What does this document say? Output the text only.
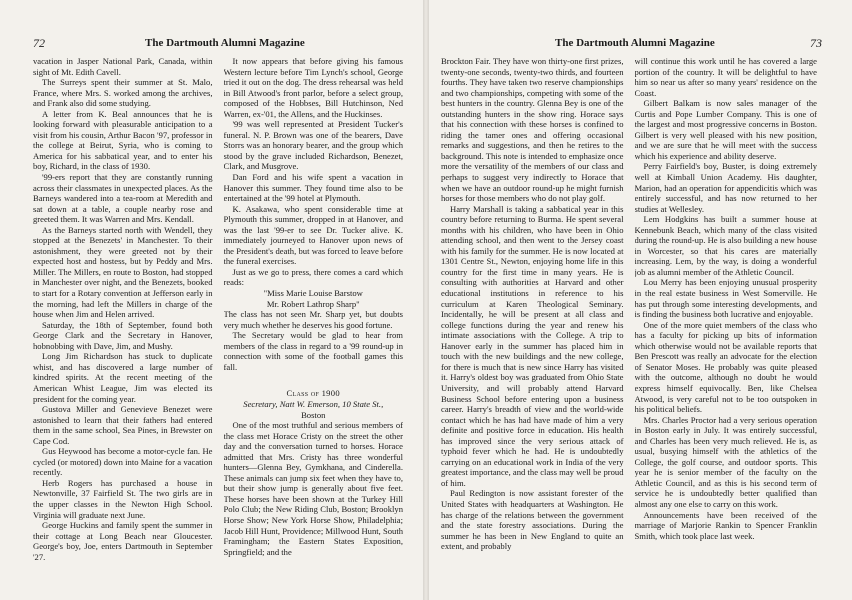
72	The Dartmouth Alumni Magazine

vacation in Jasper National Park, Canada, within sight of Mt. Edith Cavell.

The Surreys spent their summer at St. Malo, France, where Mrs. S. worked among the archives, and Frank also did some studying.

A letter from K. Beal announces that he is looking forward with pleasurable anticipation to a visit from his cousin, Arthur Bacon '97, professor in the college at Beirut, Syria, who is coming to America for his sabbatical year, and to enter his boy, Richard, in the class of 1930.

'99-ers report that they are constantly running across their classmates in unexpected places. As the Barneys wandered into a tea-room at Meredith and sat down at a table, a couple nearby rose and greeted them. It was Warren and Mrs. Kendall.

As the Barneys started north with Wendell, they stopped at the Benezets' in Manchester. To their astonishment, they were greeted not by their expected host and hostess, but by Peddy and Mrs. Miller. The Millers, en route to Boston, had stopped in Manchester over night, and the Benezets, booked to start for a Rotary convention at Jefferson early in the morning, had left the Millers in charge of the house when Jim and Helen arrived.

Saturday, the 18th of September, found both George Clark and the Secretary in Hanover, hobnobbing with Dave, Jim, and Mushy.

Long Jim Richardson has stuck to duplicate whist, and has discovered a large number of kindred spirits. At the recent meeting of the American Whist League, Jim was elected its president for the coming year.

Gustova Miller and Genevieve Benezet were astonished to learn that their fathers had entered them in the same school, Sea Pines, in Brewster on Cape Cod.

Gus Heywood has become a motor-cycle fan. He cycled (or motored) down into Maine for a vacation recently.

Herb Rogers has purchased a house in Newtonville, 37 Fairfield St. The two girls are in the upper classes in the Newton High School. Virginia will graduate next June.

George Huckins and family spent the summer in their cottage at Long Beach near Gloucester. George's boy, Joe, enters Dartmouth in September '27.

It now appears that before giving his famous Western lecture before Tim Lynch's school, George tried it out on the dog. The dress rehearsal was held in Bill Atwood's front parlor, before a select group, composed of the Hobbses, Bill Hutchinson, Ned Warren, ex-'01, the Allens, and the Huckinses.

'99 was well represented at President Tucker's funeral. N. P. Brown was one of the bearers, Dave Storrs was an honorary bearer, and the group which stood by the grave included Richardson, Benezet, Clark, and Musgrove.

Dan Ford and his wife spent a vacation in Hanover this summer. They found time also to be entertained at the '99 hotel at Plymouth.

K. Asakawa, who spent considerable time at Plymouth this summer, dropped in at Hanover, and was the last '99-er to see Dr. Tucker alive. K. immediately journeyed to Hanover upon news of the President's death, but was forced to leave before the funeral exercises.

Just as we go to press, there comes a card which reads:

"Miss Marie Louise Barstow

Mr. Robert Lathrop Sharp"

The class has not seen Mr. Sharp yet, but doubts very much whether he deserves his good fortune.

The Secretary would be glad to hear from members of the class in regard to a '99 round-up in connection with some of the football games this fall.

Class of 1900

Secretary, Natt W. Emerson, 10 State St.,

Boston

One of the most truthful and serious members of the class met Horace Cristy on the street the other day and the conversation turned to horses. Horace admitted that Mrs. Cristy has three wonderful hunters—Glenna Bey, Gymkhana, and Cinderella. These animals can jump six feet when they have to, but their show jump is generally about five feet. These horses have been shown at the Turkey Hill Polo Club; the New Riding Club, Boston; Brooklyn Horse Show; New York Horse Show, Philadelphia; Jacob Hill Hunt, Providence; Millwood Hunt, South Framingham; the Eastern States Exposition, Springfield; and the

The Dartmouth Alumni Magazine	73

Brockton Fair. They have won thirty-one first prizes, twenty-one seconds, twenty-two thirds, and fourteen fourths. They have taken two reserve championships and two championships, competing with some of the best hunters in the country. Glenna Bey is one of the outstanding hunters in the show ring. Horace says that his connection with these horses is confined to riding the tamer ones and offering occasional remarks and suggestions, and then he retires to the background. This note is intended to emphasize once more the versatility of the members of our class and perhaps to suggest very indirectly to Horace that when we have an outdoor round-up he might furnish horses for those members who do not play golf.

Harry Marshall is taking a sabbatical year in this country before returning to Burma. He spent several months with his children, who have been in Ohio attending school, and then went to the Jersey coast with his family for the summer. He is now located at 1301 Centre St., Newton, enjoying home life in this country for the first time in many years. He is consulting with authorities at Harvard and other educational institutions in reference to his curriculum at Karen Theological Seminary. Incidentally, he will be present at all class and college functions during the year and renew his intimate associations with the College. A trip to Hanover early in the summer has placed him in touch with the new buildings and the new college, for there is much that is new since Harry has visited it. Harry's oldest boy was graduated from Ohio State University, and will probably attend Harvard Business School before entering upon a business career. Harry's breadth of view and the world-wide contact which he has had have made of him a very definite and positive force in education. His health has improved since the very serious attack of typhoid fever which he had. He is undoubtedly carrying on an educational work in India of the very greatest importance, and the class may well be proud of him.

Paul Redington is now assistant forester of the United States with headquarters at Washington. He has charge of the relations between the government and the state forestry associations. During the summer he has been in New England to quite an extent, and probably

will continue this work until he has covered a large portion of the country. It will be delightful to have him so near us after so many years' residence on the Coast.

Gilbert Balkam is now sales manager of the Curtis and Pope Lumber Company. This is one of the largest and most progressive concerns in Boston. Gilbert is very well pleased with his new position, and we are sure that he will meet with the success which his experience and ability deserve.

Perry Fairfield's boy, Buster, is doing extremely well at Kimball Union Academy. His daughter, Marion, had an operation for appendicitis which was entirely successful, and has now returned to her studies at Wellesley.

Lem Hodgkins has built a summer house at Kennebunk Beach, which many of the class visited during the round-up. He is also building a new house in Worcester, so that his cares are materially increasing. Lem, by the way, is doing a wonderful job as alumni member of the Athletic Council.

Lou Merry has been enjoying unusual prosperity in the real estate business in West Somerville. He has put through some interesting developments, and is finding the business both lucrative and enjoyable.

One of the more quiet members of the class who has a faculty for picking up bits of information which otherwise would not be available reports that Ben Prescott was really an advocate for the election of Senator Moses. He probably was quite pleased with the outcome, although no doubt he would express himself equivocally. Ben, like Chelsea Atwood, is very careful not to be too outspoken in his political beliefs.

Mrs. Charles Proctor had a very serious operation in Boston early in July. It was entirely successful, and Charles has been very much relieved. He is, as usual, busying himself with the athletics of the College, the golf course, and outdoor sports. This year he is senior member of the faculty on the Athletic Council, and as this is his second term of service he is undoubtedly better qualified than almost any one else to carry on this work.

Announcements have been received of the marriage of Marjorie Rankin to Spencer Franklin Smith, which took place last week.
